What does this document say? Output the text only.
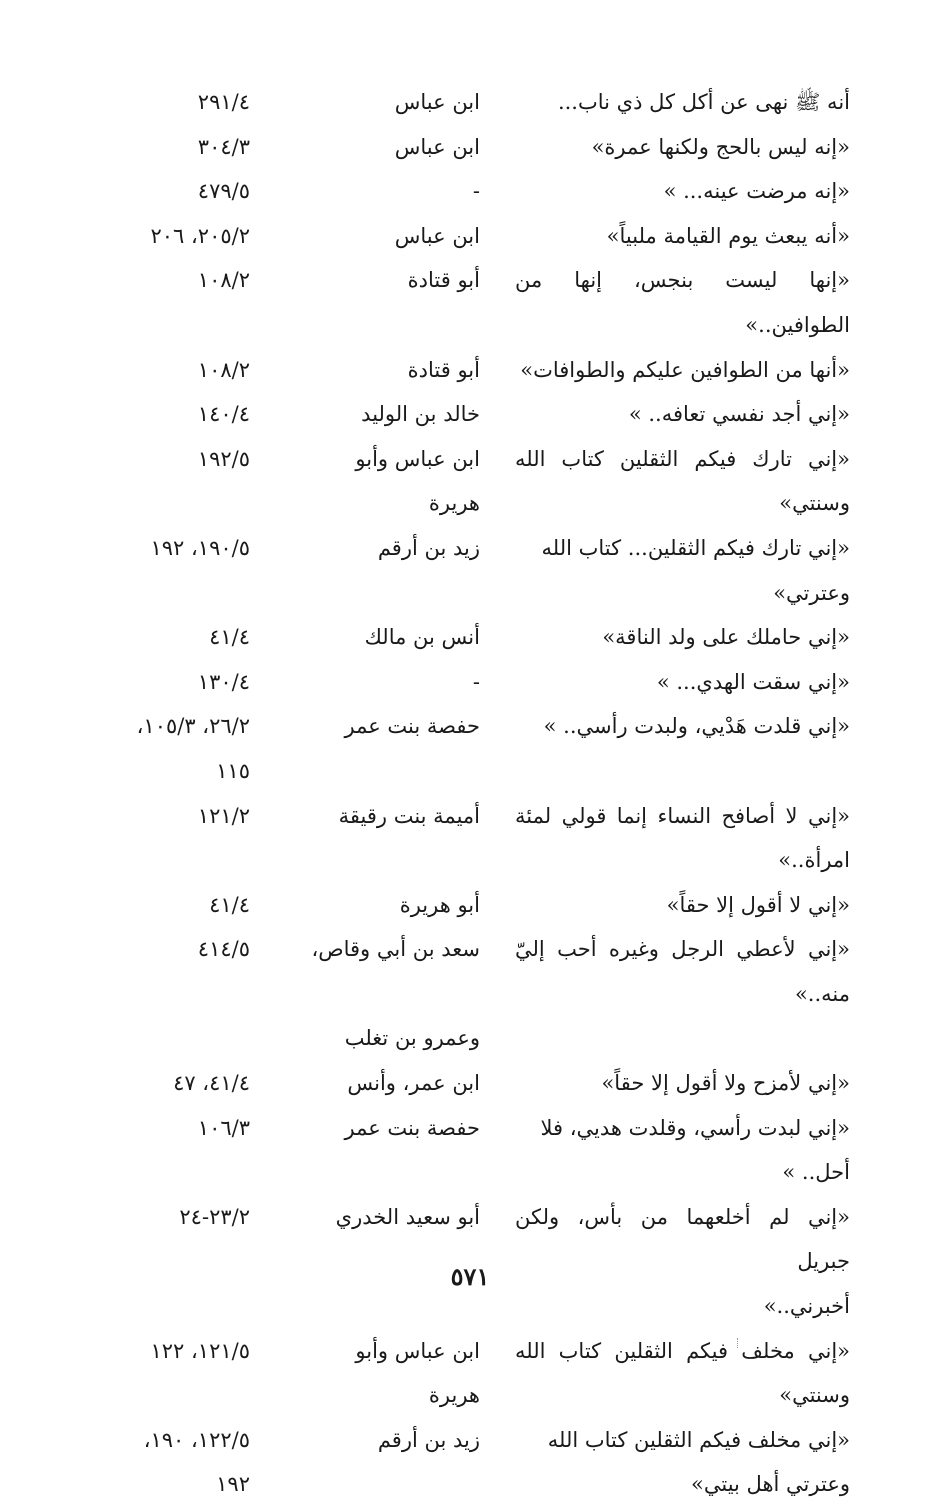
أنه ﷺ نهى عن أكل كل ذي ناب...
ابن عباس
٢٩١/٤
«إنه ليس بالحج ولكنها عمرة»
ابن عباس
٣٠٤/٣
«إنه مرضت عينه... »
-
٤٧٩/٥
«أنه يبعث يوم القيامة ملبياً»
ابن عباس
٢٠٥/٢، ٢٠٦
«إنها ليست بنجس، إنها من الطوافين..»
أبو قتادة
١٠٨/٢
«أنها من الطوافين عليكم والطوافات»
أبو قتادة
١٠٨/٢
«إني أجد نفسي تعافه.. »
خالد بن الوليد
١٤٠/٤
«إني تارك فيكم الثقلين كتاب الله وسنتي»
ابن عباس وأبو هريرة
١٩٢/٥
«إني تارك فيكم الثقلين... كتاب الله
زيد بن أرقم
١٩٠/٥، ١٩٢
وعترتي»
«إني حاملك على ولد الناقة»
أنس بن مالك
٤١/٤
«إني سقت الهدي... »
-
١٣٠/٤
«إني قلدت هَدْيي، ولبدت رأسي.. »
حفصة بنت عمر
٢٦/٢، ١٠٥/٣،
١١٥
«إني لا أصافح النساء إنما قولي لمئة امرأة..»
أميمة بنت رقيقة
١٢١/٢
«إني لا أقول إلا حقاً»
أبو هريرة
٤١/٤
«إني لأعطي الرجل وغيره أحب إليّ منه..»
سعد بن أبي وقاص،
٤١٤/٥
وعمرو بن تغلب
«إني لأمزح ولا أقول إلا حقاً»
ابن عمر، وأنس
٤١/٤، ٤٧
«إني لبدت رأسي، وقلدت هديي، فلا
حفصة بنت عمر
١٠٦/٣
أحل.. »
«إني لم أخلعهما من بأس، ولكن جبريل
أبو سعيد الخدري
٢٣/٢-٢٤
أخبرني..»
«إني مخلف فيكم الثقلين كتاب الله وسنتي»
ابن عباس وأبو هريرة
١٢١/٥، ١٢٢
«إني مخلف فيكم الثقلين كتاب الله
زيد بن أرقم
١٢٢/٥، ١٩٠،
وعترتي أهل بيتي»
١٩٢
٥٧١
